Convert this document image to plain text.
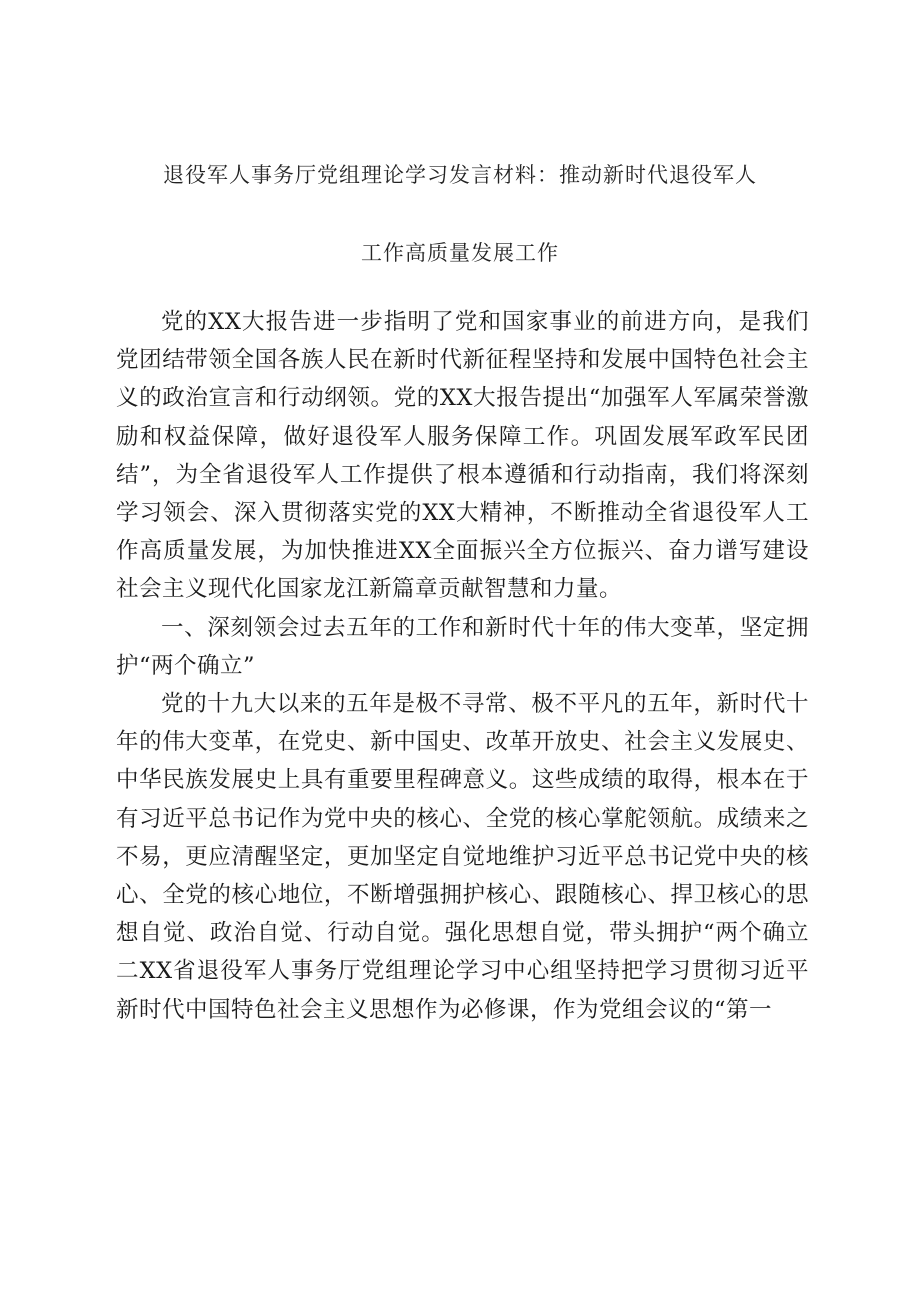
退役军人事务厅党组理论学习发言材料：推动新时代退役军人
工作高质量发展工作

党的XX大报告进一步指明了党和国家事业的前进方向，是我们党团结带领全国各族人民在新时代新征程坚持和发展中国特色社会主义的政治宣言和行动纲领。党的XX大报告提出“加强军人军属荣誉激励和权益保障，做好退役军人服务保障工作。巩固发展军政军民团结”，为全省退役军人工作提供了根本遵循和行动指南，我们将深刻学习领会、深入贯彻落实党的XX大精神，不断推动全省退役军人工作高质量发展，为加快推进XX全面振兴全方位振兴、奋力谱写建设社会主义现代化国家龙江新篇章贡献智慧和力量。

一、深刻领会过去五年的工作和新时代十年的伟大变革，坚定拥护“两个确立”

党的十九大以来的五年是极不寻常、极不平凡的五年，新时代十年的伟大变革，在党史、新中国史、改革开放史、社会主义发展史、中华民族发展史上具有重要里程碑意义。这些成绩的取得，根本在于有习近平总书记作为党中央的核心、全党的核心掌舵领航。成绩来之不易，更应清醒坚定，更加坚定自觉地维护习近平总书记党中央的核心、全党的核心地位，不断增强拥护核心、跟随核心、捍卫核心的思想自觉、政治自觉、行动自觉。强化思想自觉，带头拥护“两个确立二XX省退役军人事务厅党组理论学习中心组坚持把学习贯彻习近平新时代中国特色社会主义思想作为必修课，作为党组会议的“第一
